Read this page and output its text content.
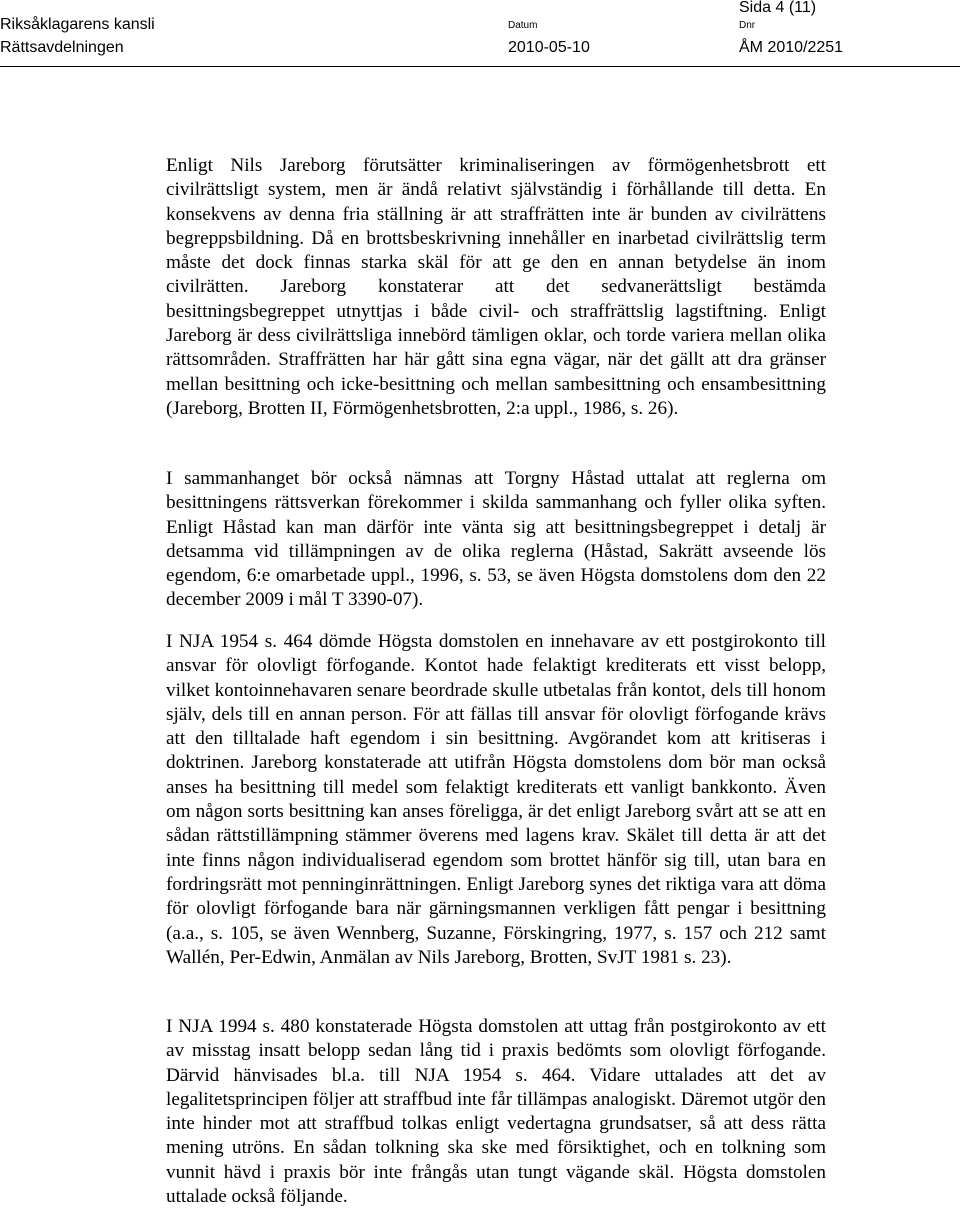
Riksåklagarens kansli
Rättsavdelningen
Datum
2010-05-10
Dnr
ÅM 2010/2251
Sida 4 (11)

Enligt Nils Jareborg förutsätter kriminaliseringen av förmögenhetsbrott ett civilrättsligt system, men är ändå relativt självständig i förhållande till detta. En konsekvens av denna fria ställning är att straffrätten inte är bunden av civilrättens begreppsbildning. Då en brottsbeskrivning innehåller en inarbetad civilrättslig term måste det dock finnas starka skäl för att ge den en annan betydelse än inom civilrätten. Jareborg konstaterar att det sedvanerättsligt bestämda besittningsbegreppet utnyttjas i både civil- och straffrättslig lagstiftning. Enligt Jareborg är dess civilrättsliga innebörd tämligen oklar, och torde variera mellan olika rättsområden. Straffrätten har här gått sina egna vägar, när det gällt att dra gränser mellan besittning och icke-besittning och mellan sambesittning och ensambesittning (Jareborg, Brotten II, Förmögenhetsbrotten, 2:a uppl., 1986, s. 26).

I sammanhanget bör också nämnas att Torgny Håstad uttalat att reglerna om besittningens rättsverkan förekommer i skilda sammanhang och fyller olika syften. Enligt Håstad kan man därför inte vänta sig att besittningsbegreppet i detalj är detsamma vid tillämpningen av de olika reglerna (Håstad, Sakrätt avseende lös egendom, 6:e omarbetade uppl., 1996, s. 53, se även Högsta domstolens dom den 22 december 2009 i mål T 3390-07).

I NJA 1954 s. 464 dömde Högsta domstolen en innehavare av ett postgirokonto till ansvar för olovligt förfogande. Kontot hade felaktigt krediterats ett visst belopp, vilket kontoinnehavaren senare beordrade skulle utbetalas från kontot, dels till honom själv, dels till en annan person. För att fällas till ansvar för olovligt förfogande krävs att den tilltalade haft egendom i sin besittning. Avgörandet kom att kritiseras i doktrinen. Jareborg konstaterade att utifrån Högsta domstolens dom bör man också anses ha besittning till medel som felaktigt krediterats ett vanligt bankkonto. Även om någon sorts besittning kan anses föreligga, är det enligt Jareborg svårt att se att en sådan rättstillämpning stämmer överens med lagens krav. Skälet till detta är att det inte finns någon individualiserad egendom som brottet hänför sig till, utan bara en fordringsrätt mot penninginrättningen. Enligt Jareborg synes det riktiga vara att döma för olovligt förfogande bara när gärningsmannen verkligen fått pengar i besittning (a.a., s. 105, se även Wennberg, Suzanne, Förskingring, 1977, s. 157 och 212 samt Wallén, Per-Edwin, Anmälan av Nils Jareborg, Brotten, SvJT 1981 s. 23).

I NJA 1994 s. 480 konstaterade Högsta domstolen att uttag från postgirokonto av ett av misstag insatt belopp sedan lång tid i praxis bedömts som olovligt förfogande. Därvid hänvisades bl.a. till NJA 1954 s. 464. Vidare uttalades att det av legalitetsprincipen följer att straffbud inte får tillämpas analogiskt. Däremot utgör den inte hinder mot att straffbud tolkas enligt vedertagna grundsatser, så att dess rätta mening utröns. En sådan tolkning ska ske med försiktighet, och en tolkning som vunnit hävd i praxis bör inte frångås utan tungt vägande skäl. Högsta domstolen uttalade också följande.
